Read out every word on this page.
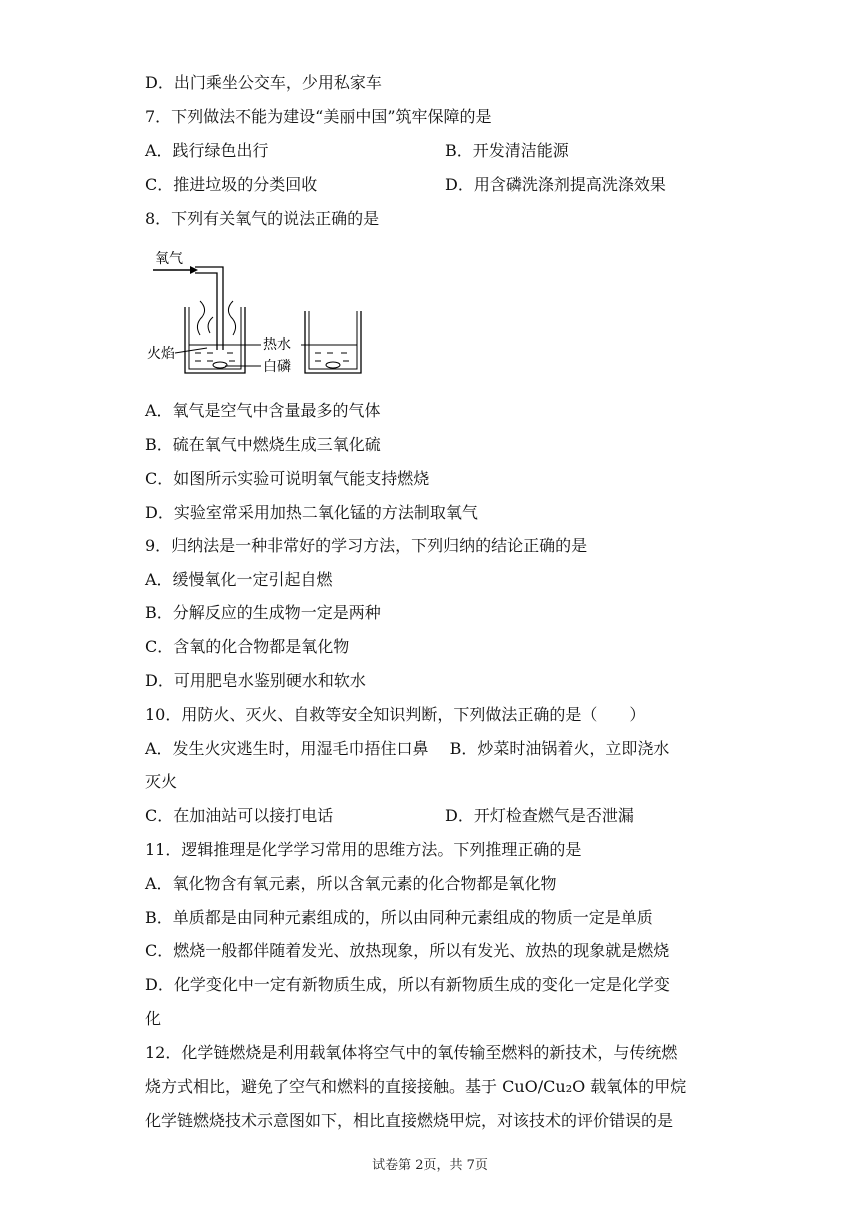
D．出门乘坐公交车，少用私家车
7．下列做法不能为建设“美丽中国”筑牢保障的是
A．践行绿色出行	B．开发清洁能源
C．推进垃圾的分类回收	D．用含磷洗涤剂提高洗涤效果
8．下列有关氧气的说法正确的是
氧气
火焰
热水
白磷
A．氧气是空气中含量最多的气体
B．硫在氧气中燃烧生成三氧化硫
C．如图所示实验可说明氧气能支持燃烧
D．实验室常采用加热二氧化锰的方法制取氧气
9．归纳法是一种非常好的学习方法，下列归纳的结论正确的是
A．缓慢氧化一定引起自燃
B．分解反应的生成物一定是两种
C．含氧的化合物都是氧化物
D．可用肥皂水鉴别硬水和软水
10．用防火、灭火、自救等安全知识判断，下列做法正确的是（　　）
A．发生火灾逃生时，用湿毛巾捂住口鼻　 B．炒菜时油锅着火，立即浇水
灭火
C．在加油站可以接打电话	D．开灯检查燃气是否泄漏
11．逻辑推理是化学学习常用的思维方法。下列推理正确的是
A．氧化物含有氧元素，所以含氧元素的化合物都是氧化物
B．单质都是由同种元素组成的，所以由同种元素组成的物质一定是单质
C．燃烧一般都伴随着发光、放热现象，所以有发光、放热的现象就是燃烧
D．化学变化中一定有新物质生成，所以有新物质生成的变化一定是化学变
化
12．化学链燃烧是利用载氧体将空气中的氧传输至燃料的新技术，与传统燃
烧方式相比，避免了空气和燃料的直接接触。基于 CuO/Cu₂O 载氧体的甲烷
化学链燃烧技术示意图如下，相比直接燃烧甲烷，对该技术的评价错误的是
试卷第 2页，共 7页
